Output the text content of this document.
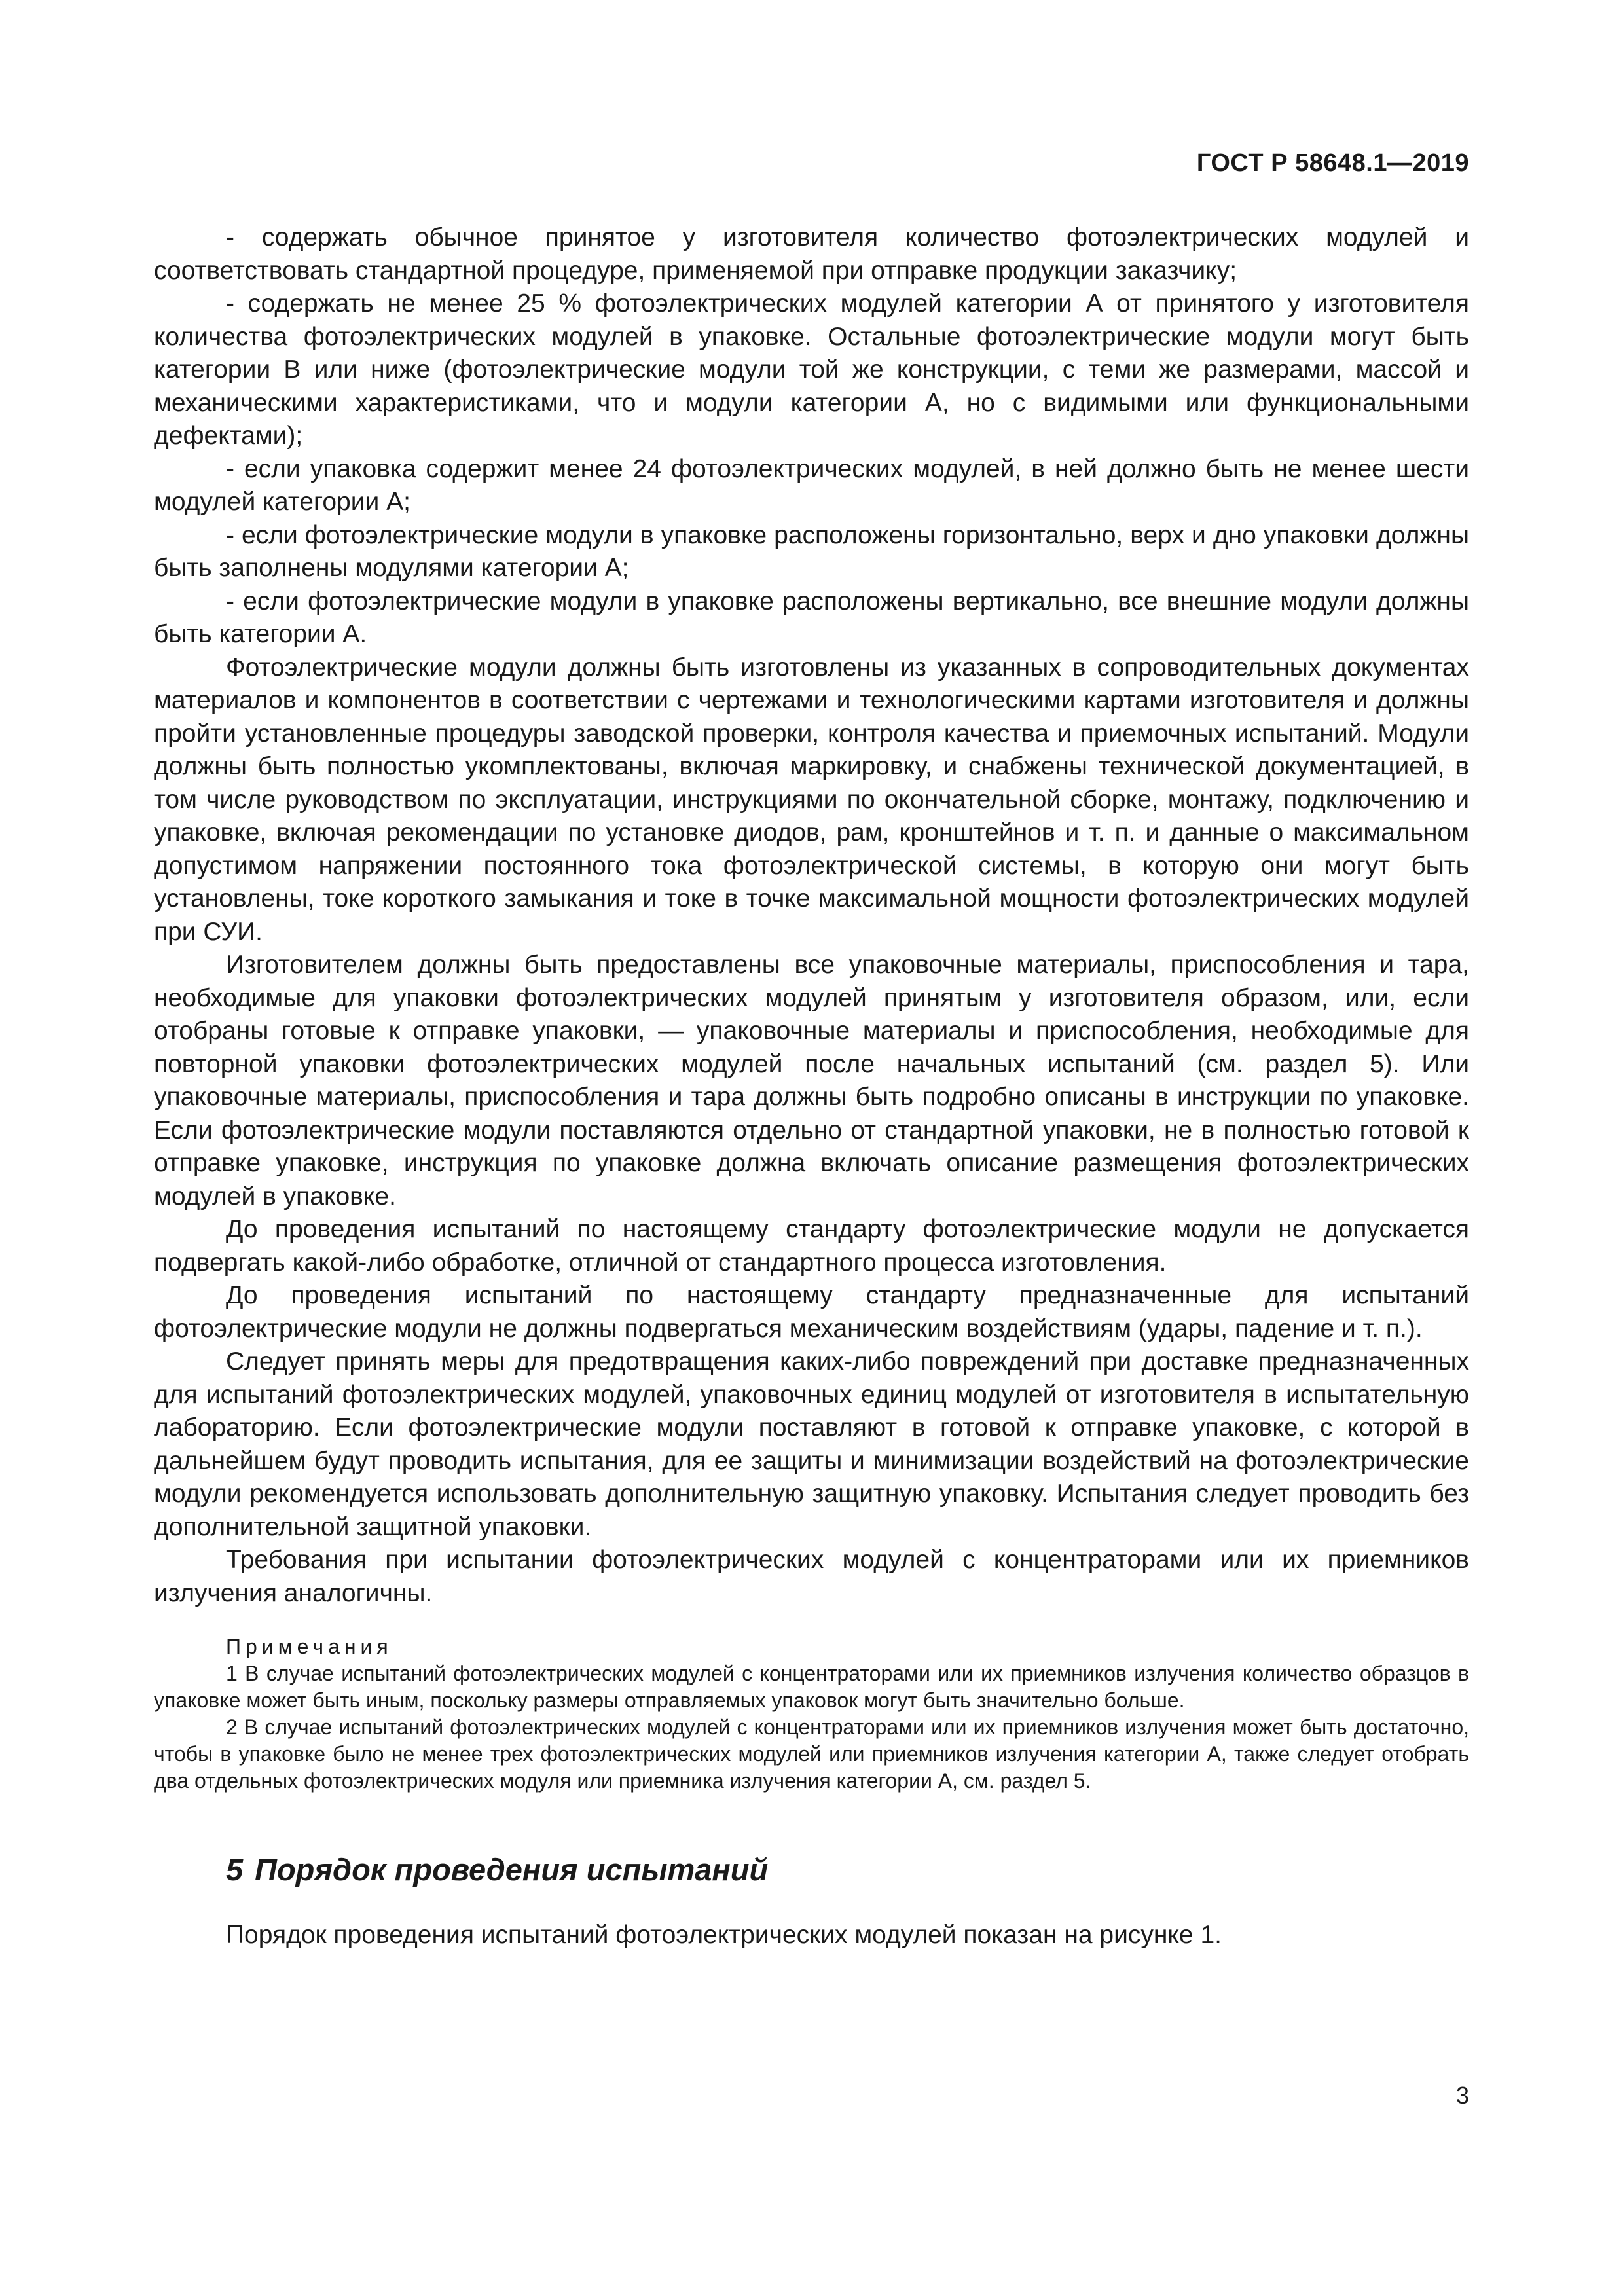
ГОСТ Р 58648.1—2019

- содержать обычное принятое у изготовителя количество фотоэлектрических модулей и соответствовать стандартной процедуре, применяемой при отправке продукции заказчику;

- содержать не менее 25 % фотоэлектрических модулей категории А от принятого у изготовителя количества фотоэлектрических модулей в упаковке. Остальные фотоэлектрические модули могут быть категории В или ниже (фотоэлектрические модули той же конструкции, с теми же размерами, массой и механическими характеристиками, что и модули категории А, но с видимыми или функциональными дефектами);

- если упаковка содержит менее 24 фотоэлектрических модулей, в ней должно быть не менее шести модулей категории А;

- если фотоэлектрические модули в упаковке расположены горизонтально, верх и дно упаковки должны быть заполнены модулями категории А;

- если фотоэлектрические модули в упаковке расположены вертикально, все внешние модули должны быть категории А.

Фотоэлектрические модули должны быть изготовлены из указанных в сопроводительных документах материалов и компонентов в соответствии с чертежами и технологическими картами изготовителя и должны пройти установленные процедуры заводской проверки, контроля качества и приемочных испытаний. Модули должны быть полностью укомплектованы, включая маркировку, и снабжены технической документацией, в том числе руководством по эксплуатации, инструкциями по окончательной сборке, монтажу, подключению и упаковке, включая рекомендации по установке диодов, рам, кронштейнов и т. п. и данные о максимальном допустимом напряжении постоянного тока фотоэлектрической системы, в которую они могут быть установлены, токе короткого замыкания и токе в точке максимальной мощности фотоэлектрических модулей при СУИ.

Изготовителем должны быть предоставлены все упаковочные материалы, приспособления и тара, необходимые для упаковки фотоэлектрических модулей принятым у изготовителя образом, или, если отобраны готовые к отправке упаковки, — упаковочные материалы и приспособления, необходимые для повторной упаковки фотоэлектрических модулей после начальных испытаний (см. раздел 5). Или упаковочные материалы, приспособления и тара должны быть подробно описаны в инструкции по упаковке. Если фотоэлектрические модули поставляются отдельно от стандартной упаковки, не в полностью готовой к отправке упаковке, инструкция по упаковке должна включать описание размещения фотоэлектрических модулей в упаковке.

До проведения испытаний по настоящему стандарту фотоэлектрические модули не допускается подвергать какой-либо обработке, отличной от стандартного процесса изготовления.

До проведения испытаний по настоящему стандарту предназначенные для испытаний фотоэлектрические модули не должны подвергаться механическим воздействиям (удары, падение и т. п.).

Следует принять меры для предотвращения каких-либо повреждений при доставке предназначенных для испытаний фотоэлектрических модулей, упаковочных единиц модулей от изготовителя в испытательную лабораторию. Если фотоэлектрические модули поставляют в готовой к отправке упаковке, с которой в дальнейшем будут проводить испытания, для ее защиты и минимизации воздействий на фотоэлектрические модули рекомендуется использовать дополнительную защитную упаковку. Испытания следует проводить без дополнительной защитной упаковки.

Требования при испытании фотоэлектрических модулей с концентраторами или их приемников излучения аналогичны.

Примечания

1 В случае испытаний фотоэлектрических модулей с концентраторами или их приемников излучения количество образцов в упаковке может быть иным, поскольку размеры отправляемых упаковок могут быть значительно больше.

2 В случае испытаний фотоэлектрических модулей с концентраторами или их приемников излучения может быть достаточно, чтобы в упаковке было не менее трех фотоэлектрических модулей или приемников излучения категории А, также следует отобрать два отдельных фотоэлектрических модуля или приемника излучения категории А, см. раздел 5.

5 Порядок проведения испытаний

Порядок проведения испытаний фотоэлектрических модулей показан на рисунке 1.

3
